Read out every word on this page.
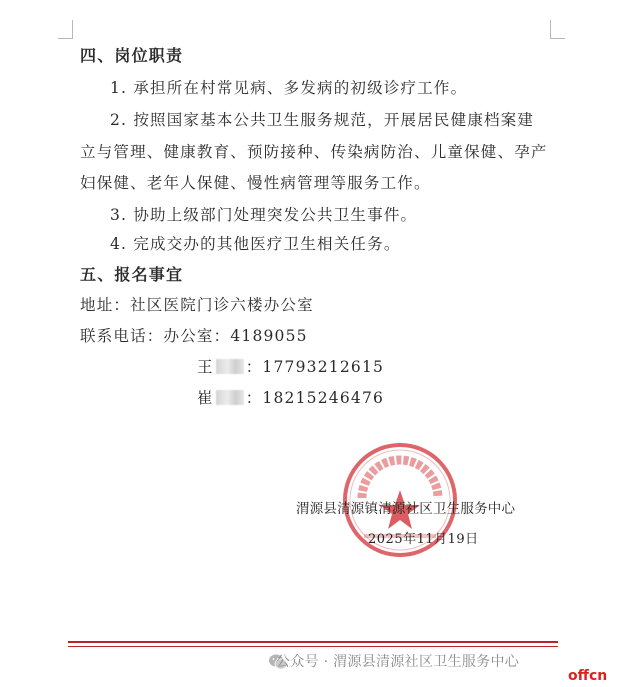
四、岗位职责
1. 承担所在村常见病、多发病的初级诊疗工作。
2. 按照国家基本公共卫生服务规范，开展居民健康档案建
立与管理、健康教育、预防接种、传染病防治、儿童保健、孕产
妇保健、老年人保健、慢性病管理等服务工作。
3. 协助上级部门处理突发公共卫生事件。
4. 完成交办的其他医疗卫生相关任务。
五、报名事宜
地址：社区医院门诊六楼办公室
联系电话：办公室：4189055
王 ：17793212615
崔 ：18215246476
渭源县清源镇清源社区卫生服务中心
2025年11月19日
公众号 · 渭源县清源社区卫生服务中心
offcn
